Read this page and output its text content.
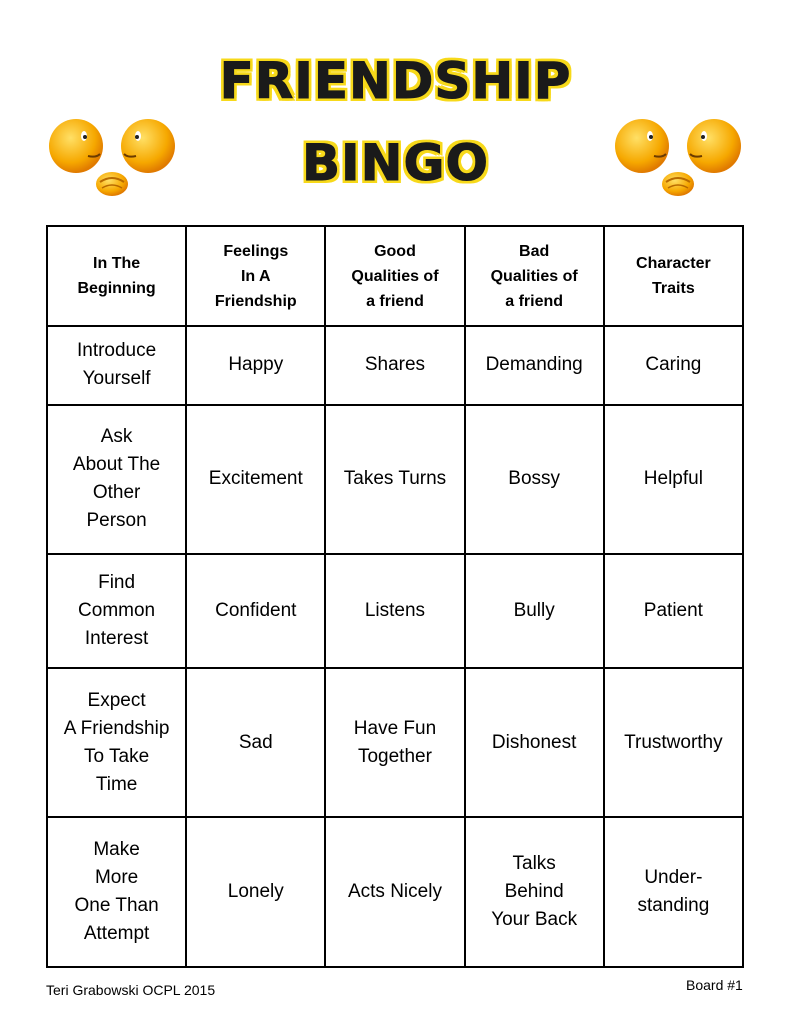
FRIENDSHIP
BINGO
In The
Beginning	Feelings
In A
Friendship	Good
Qualities of
a friend	Bad
Qualities of
a friend	Character
Traits
Introduce
Yourself	Happy	Shares	Demanding	Caring
Ask
About The
Other
Person	Excitement	Takes Turns	Bossy	Helpful
Find
Common
Interest	Confident	Listens	Bully	Patient
Expect
A Friendship
To Take
Time	Sad	Have Fun
Together	Dishonest	Trustworthy
Make
More
One Than
Attempt	Lonely	Acts Nicely	Talks
Behind
Your Back	Under-
standing
Teri Grabowski OCPL 2015	Board #1
